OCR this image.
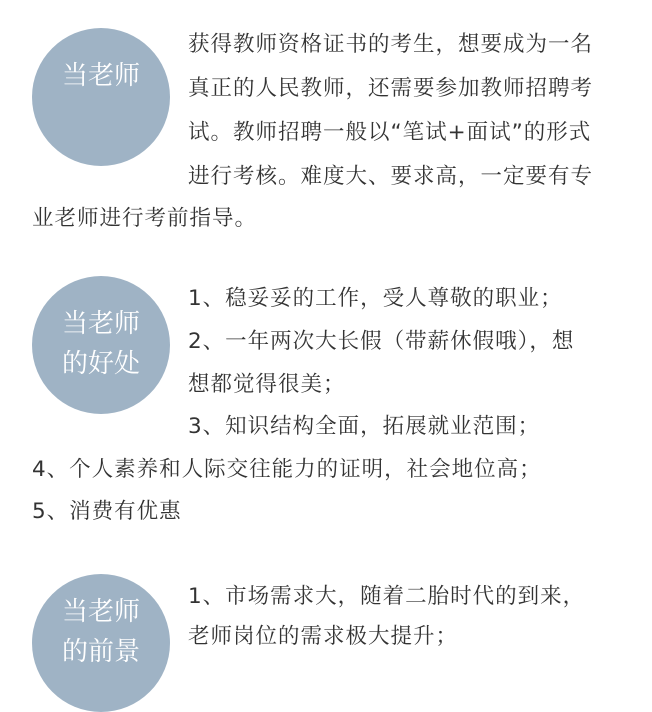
当老师
获得教师资格证书的考生，想要成为一名
真正的人民教师，还需要参加教师招聘考
试。教师招聘一般以“笔试+面试”的形式
进行考核。难度大、要求高，一定要有专
业老师进行考前指导。
当老师
的好处
1、稳妥妥的工作，受人尊敬的职业；
2、一年两次大长假（带薪休假哦），想
想都觉得很美；
3、知识结构全面，拓展就业范围；
4、个人素养和人际交往能力的证明，社会地位高；
5、消费有优惠
当老师
的前景
1、市场需求大，随着二胎时代的到来，
老师岗位的需求极大提升；
